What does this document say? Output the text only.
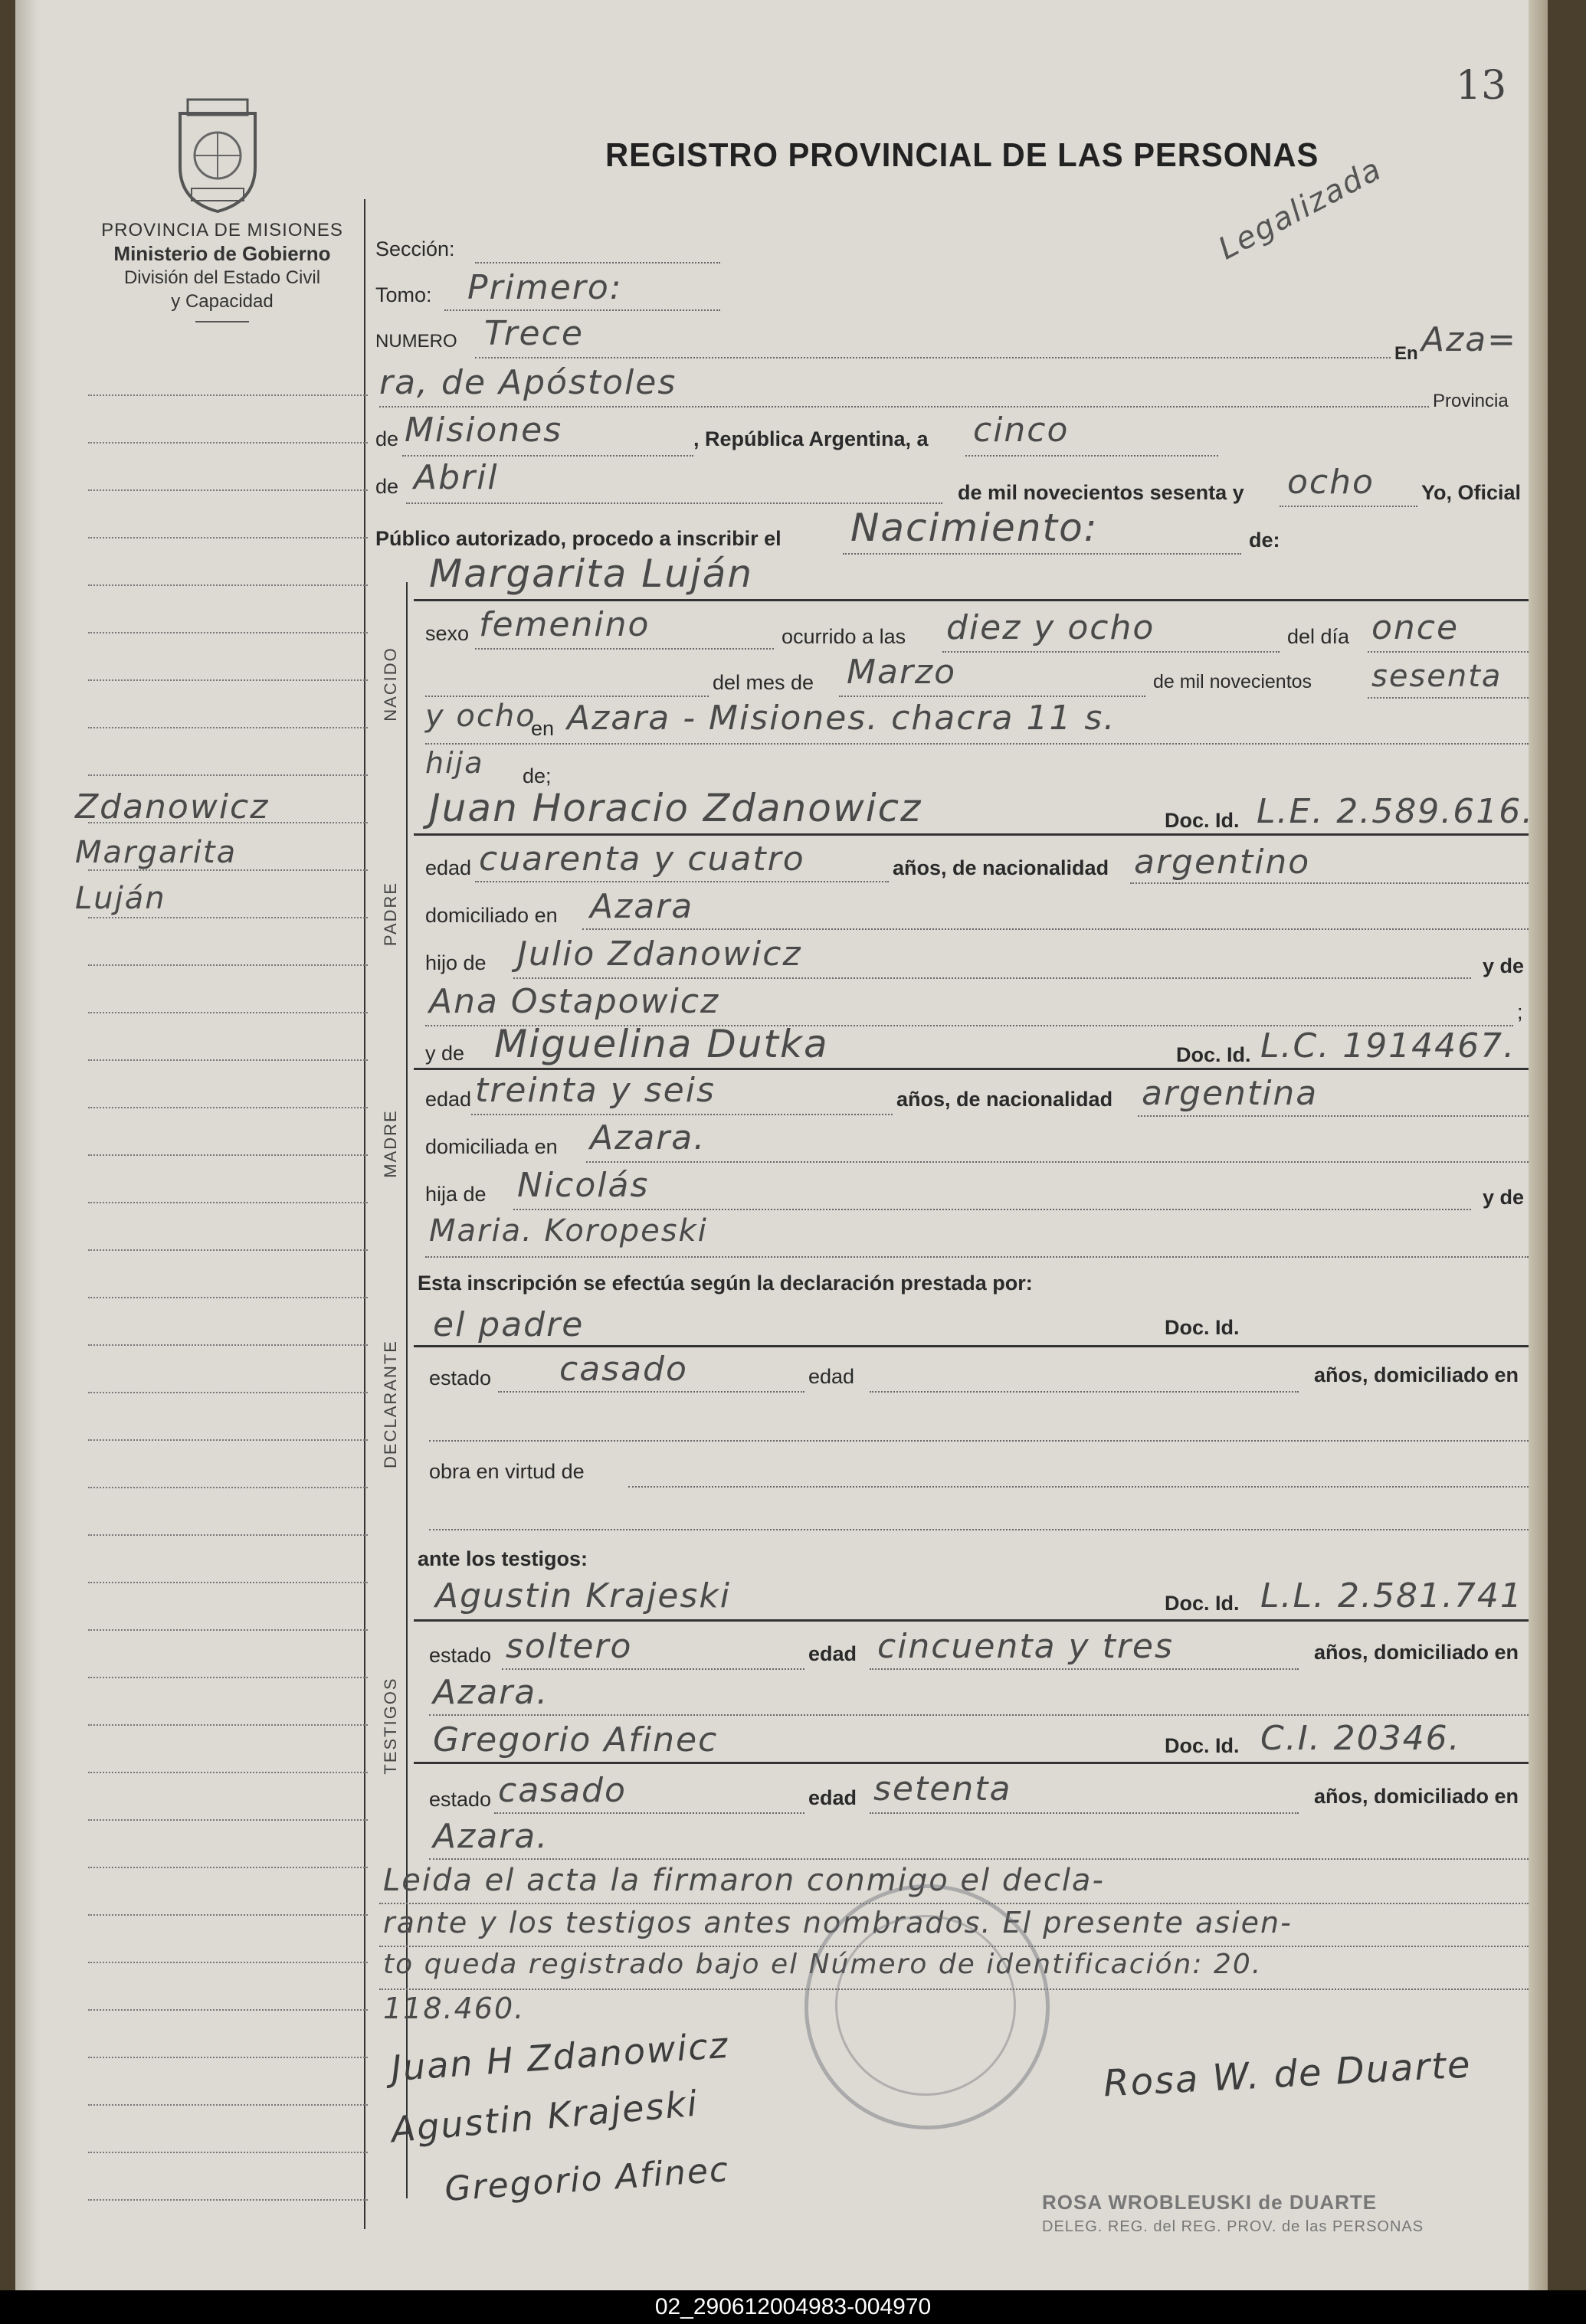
13
REGISTRO PROVINCIAL DE LAS PERSONAS
PROVINCIA DE MISIONES
Ministerio de Gobierno
División del Estado Civil
y Capacidad
Legalizada
Zdanowicz
Margarita
Luján
NACIDO
PADRE
MADRE
DECLARANTE
TESTIGOS
Sección:
Tomo: Primero:
NUMERO Trece
En Aza=
ra, de Apóstoles	Provincia
de Misiones	, República Argentina, a cinco
de Abril	de mil novecientos sesenta y ocho Yo, Oficial
Público autorizado, procedo a inscribir el Nacimiento:	de:
Margarita Luján
sexo femenino	ocurrido a las diez y ocho	del día once
del mes de Marzo	de mil novecientos sesenta
y ocho
en Azara - Misiones. chacra 11 s.
hija de;
Juan Horacio Zdanowicz	Doc. Id. L.E. 2.589.616.
edad cuarenta y cuatro	años, de nacionalidad argentino
domiciliado en Azara
hijo de Julio Zdanowicz	y de
Ana Ostapowicz	;
y de Miguelina Dutka	Doc. Id. L.C. 1914467.
edad treinta y seis	años, de nacionalidad argentina
domiciliada en Azara.
hija de Nicolás	y de
Maria. Koropeski
Esta inscripción se efectúa según la declaración prestada por:
el padre	Doc. Id.
estado casado	edad	años, domiciliado en
obra en virtud de
ante los testigos:
Agustin Krajeski	Doc. Id. L.L. 2.581.741
estado soltero	edad cincuenta y tres	años, domiciliado en
Azara.
Gregorio Afinec	Doc. Id. C.I. 20346.
estado casado	edad setenta	años, domiciliado en
Azara.
Leida el acta la firmaron conmigo el decla-
rante y los testigos antes nombrados. El presente asien-
to queda registrado bajo el Número de identificación: 20.
118.460.
Juan H Zdanowicz
Agustin Krajeski
Gregorio Afinec
Rosa W. de Duarte
ROSA WROBLEUSKI de DUARTE
DELEG. REG. del REG. PROV. de las PERSONAS
02_290612004983-004970
